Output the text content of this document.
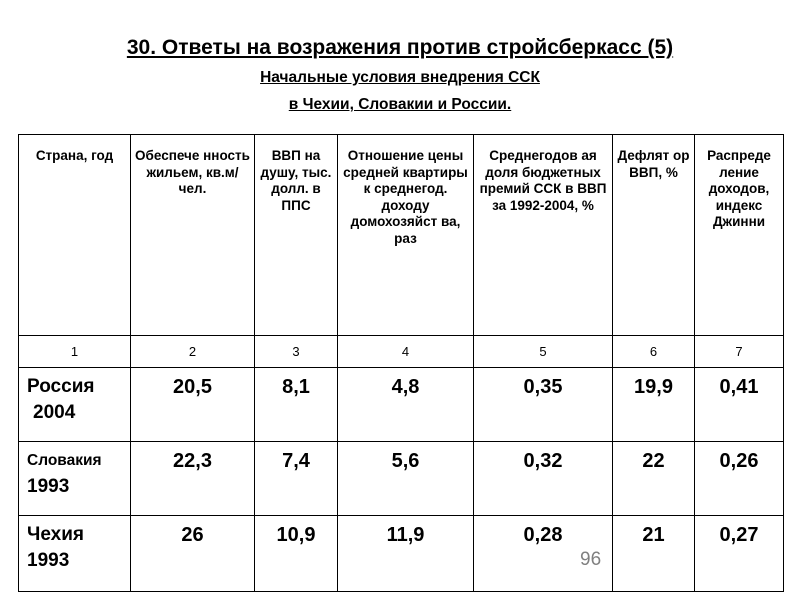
30. Ответы на возражения против стройсберкасс (5)
Начальные условия внедрения ССК
в Чехии, Словакии и России.
Страна, год	Обеспече нность жильем, кв.м/чел.	ВВП на душу, тыс. долл. в ППС	Отношение цены средней квартиры к среднегод. доходу домохозяйст ва, раз	Среднегодов ая доля бюджетных премий ССК в ВВП за 1992-2004, %	Дефлят ор ВВП, %	Распреде ление доходов, индекс Джинни
1	2	3	4	5	6	7

Россия
2004	20,5	8,1	4,8	0,35	19,9	0,41

Словакия
1993	22,3	7,4	5,6	0,32	22	0,26

Чехия
1993	26	10,9	11,9	0,28	21	0,27
96
